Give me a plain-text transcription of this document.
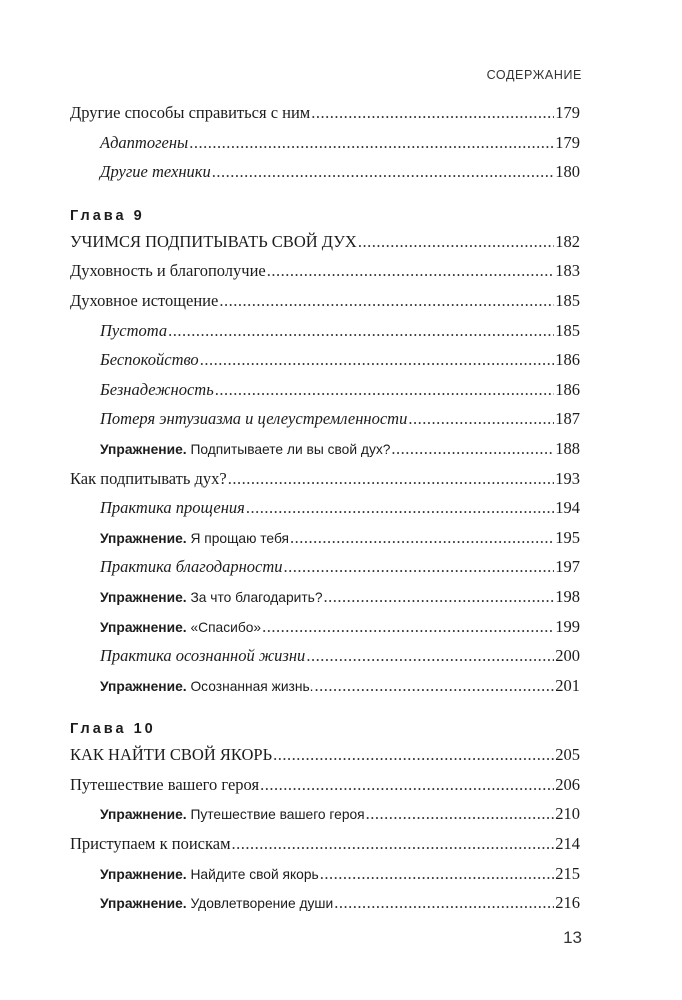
СОДЕРЖАНИЕ
Другие способы справиться с ним .....	179
Адаптогены .....	179
Другие техники .....	180
Глава 9
УЧИМСЯ ПОДПИТЫВАТЬ СВОЙ ДУХ .....	182
Духовность и благополучие .....	183
Духовное истощение .....	185
Пустота .....	185
Беспокойство .....	186
Безнадежность .....	186
Потеря энтузиазма и целеустремленности .....	187
Упражнение. Подпитываете ли вы свой дух? .....	188
Как подпитывать дух? .....	193
Практика прощения .....	194
Упражнение. Я прощаю тебя .....	195
Практика благодарности .....	197
Упражнение. За что благодарить? .....	198
Упражнение. «Спасибо» .....	199
Практика осознанной жизни .....	200
Упражнение. Осознанная жизнь. .....	201
Глава 10
КАК НАЙТИ СВОЙ ЯКОРЬ .....	205
Путешествие вашего героя .....	206
Упражнение. Путешествие вашего героя .....	210
Приступаем к поискам .....	214
Упражнение. Найдите свой якорь .....	215
Упражнение. Удовлетворение души .....	216
13
